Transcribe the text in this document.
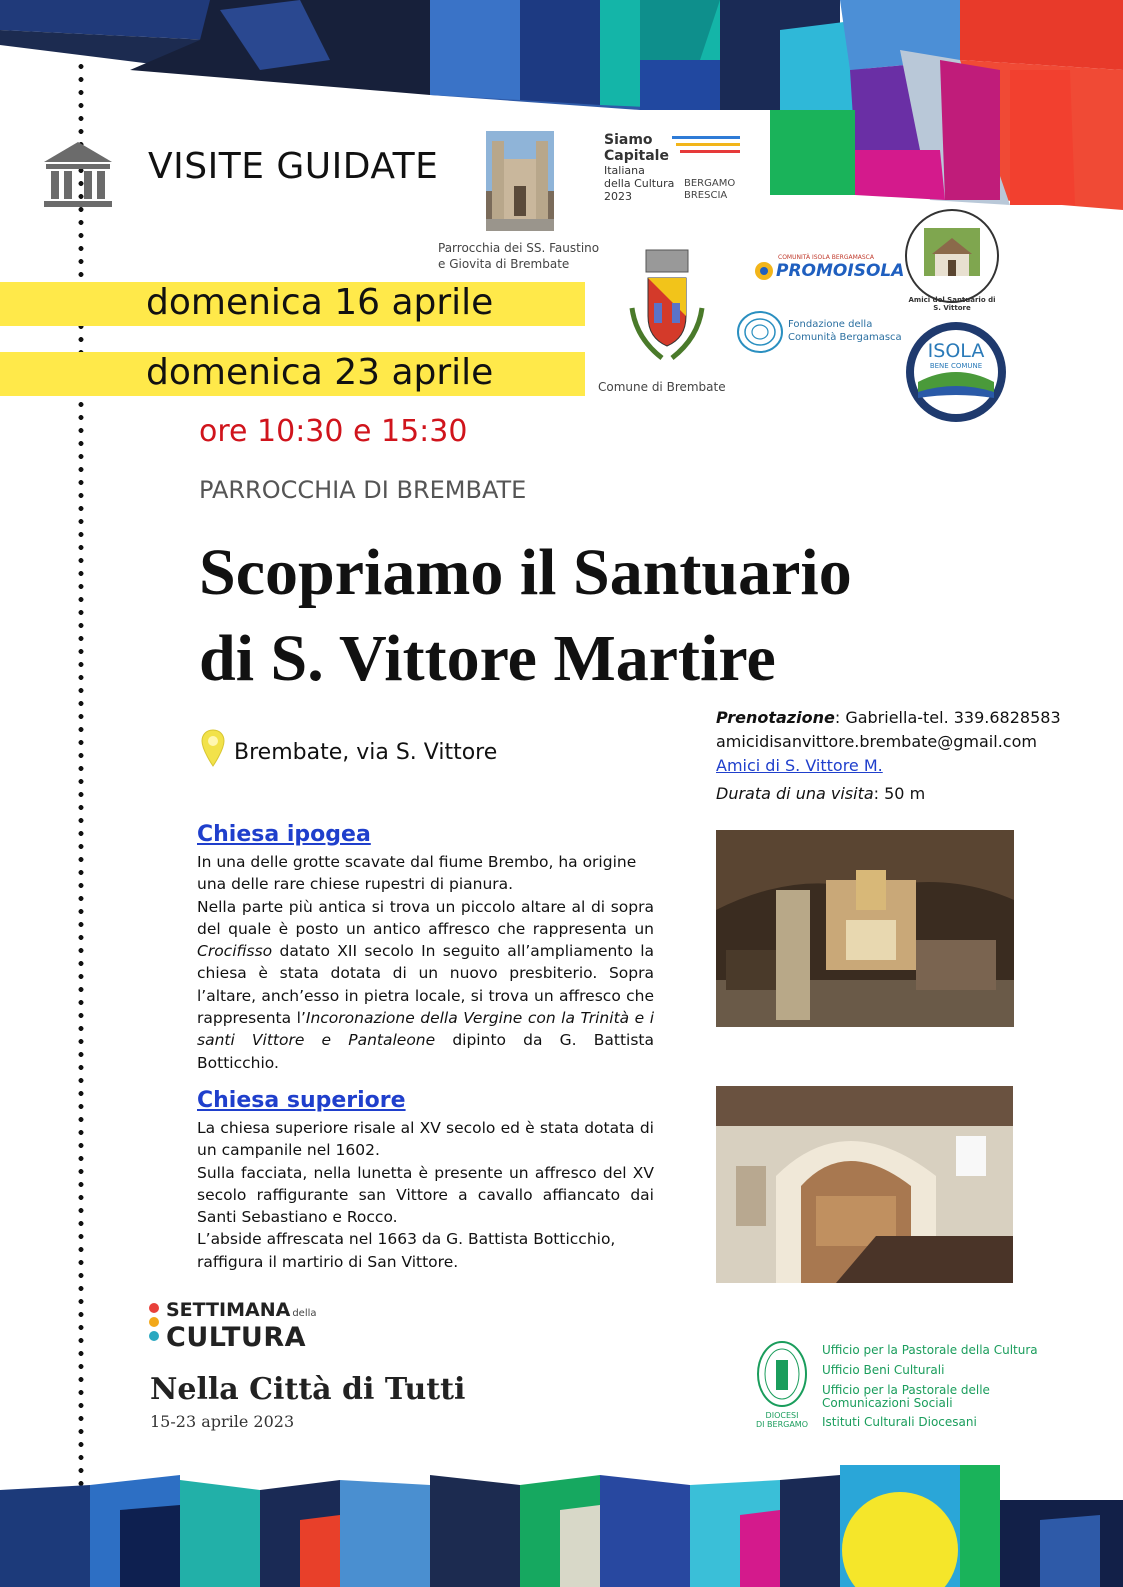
VISITE GUIDATE
Parrocchia dei SS. Faustino e Giovita di Brembate
Siamo
Capitale
Italiana
della Cultura
2023
BERGAMO
BRESCIA
Amici del Santuario di S. Vittore
Comune di Brembate
COMUNITÀ ISOLA BERGAMASCA
PROMOISOLA
Fondazione della
Comunità Bergamasca
ISOLA
BENE COMUNE
domenica 16 aprile
domenica 23 aprile
ore 10:30 e 15:30
PARROCCHIA DI BREMBATE
Scopriamo il Santuario
di S. Vittore Martire
Brembate, via S. Vittore
Prenotazione: Gabriella-tel. 339.6828583
amicidisanvittore.brembate@gmail.com
Amici di S. Vittore M.
Durata di una visita: 50 m
Chiesa ipogea

In una delle grotte scavate dal fiume Brembo, ha origine una delle rare chiese rupestri di pianura.

Nella parte più antica si trova un piccolo altare al di sopra del quale è posto un antico affresco che rappresenta un Crocifisso datato XII secolo In seguito all’ampliamento la chiesa è stata dotata di un nuovo presbiterio. Sopra l’altare, anch’esso in pietra locale, si trova un affresco che rappresenta l’Incoronazione della Vergine con la Trinità e i santi Vittore e Pantaleone dipinto da G. Battista Botticchio.

Chiesa superiore

La chiesa superiore risale al XV secolo ed è stata dotata di un campanile nel 1602.

Sulla facciata, nella lunetta è presente un affresco del XV secolo raffigurante san Vittore a cavallo affiancato dai Santi Sebastiano e Rocco.

L’abside affrescata nel 1663 da G. Battista Botticchio, raffigura il martirio di San Vittore.

SETTIMANA della
CULTURA
Nella Città di Tutti
15-23 aprile 2023	DIOCESI
DI BERGAMO
Ufficio per la Pastorale della Cultura
Ufficio Beni Culturali
Ufficio per la Pastorale delle
Comunicazioni Sociali
Istituti Culturali Diocesani
